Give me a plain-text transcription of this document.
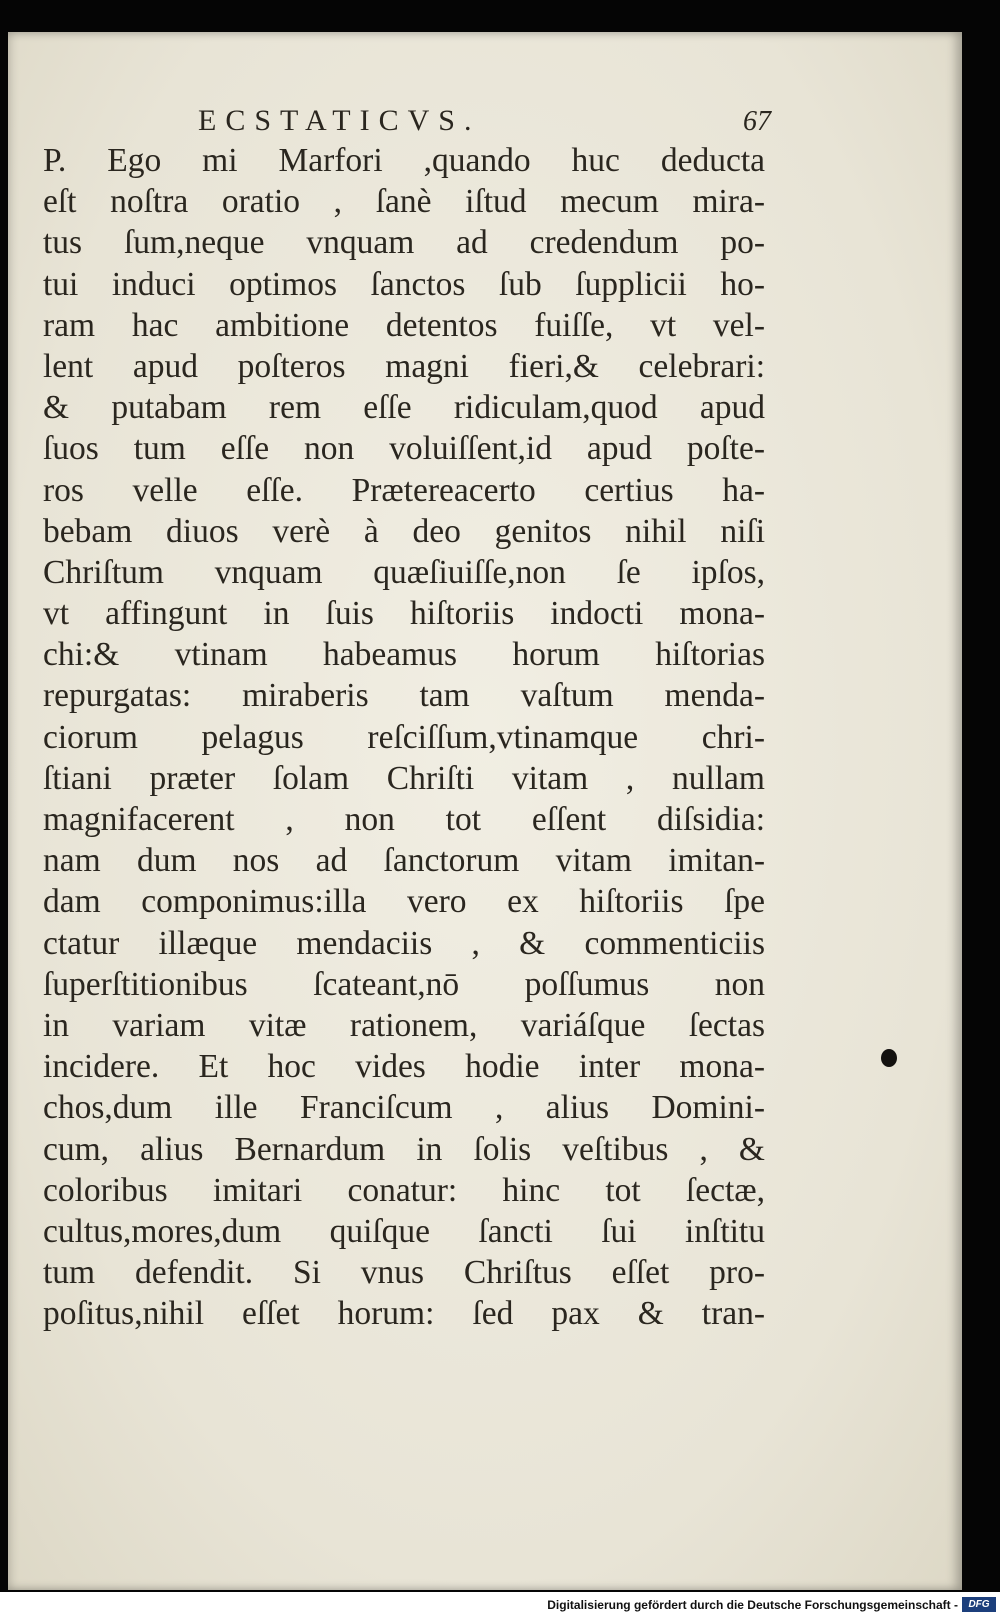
ECSTATICVS.	67
P. Ego mi Marfori ,quando huc deducta
eſt noſtra oratio , ſanè iſtud mecum mira-
tus ſum,neque vnquam ad credendum po-
tui induci optimos ſanctos ſub ſupplicii ho-
ram hac ambitione detentos fuiſſe, vt vel-
lent apud poſteros magni fieri,& celebrari:
& putabam rem eſſe ridiculam,quod apud
ſuos tum eſſe non voluiſſent,id apud poſte-
ros velle eſſe. Prætereacerto certius ha-
bebam diuos verè à deo genitos nihil niſi
Chriſtum vnquam quæſiuiſſe,non ſe ipſos,
vt affingunt in ſuis hiſtoriis indocti mona-
chi:& vtinam habeamus horum hiſtorias
repurgatas: miraberis tam vaſtum menda-
ciorum pelagus reſciſſum,vtinamque chri-
ſtiani præter ſolam Chriſti vitam , nullam
magnifacerent , non tot eſſent diſsidia:
nam dum nos ad ſanctorum vitam imitan-
dam componimus:illa vero ex hiſtoriis ſpe
ctatur illæque mendaciis , & commenticiis
ſuperſtitionibus ſcateant,nō poſſumus non
in variam vitæ rationem, variáſque ſectas
incidere. Et hoc vides hodie inter mona-
chos,dum ille Franciſcum , alius Domini-
cum, alius Bernardum in ſolis veſtibus , &
coloribus imitari conatur: hinc tot ſectæ,
cultus,mores,dum quiſque ſancti ſui inſtitu
tum defendit. Si vnus Chriſtus eſſet pro-
poſitus,nihil eſſet horum: ſed pax & tran-
Digitalisierung gefördert durch die Deutsche Forschungsgemeinschaft -	DFG
